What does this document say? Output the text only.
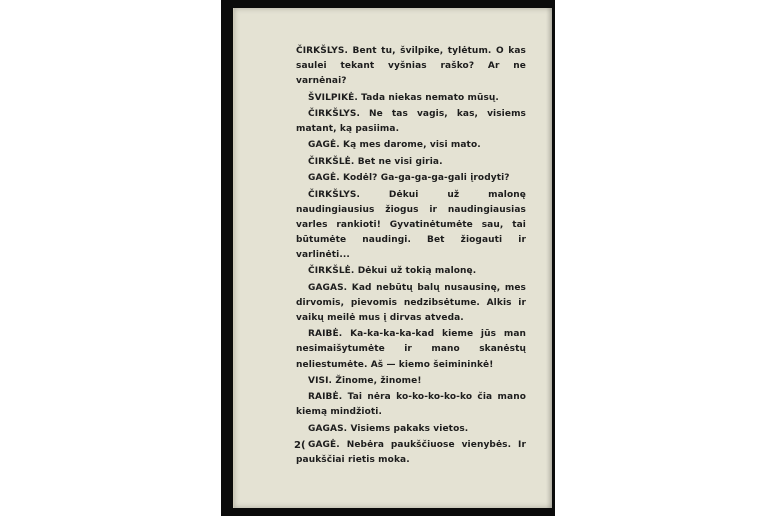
ČIRKŠLYS. Bent tu, švilpike, tylėtum. O kas saulei tekant vyšnias raško? Ar ne varnėnai?

ŠVILPIKĖ. Tada niekas nemato mūsų.

ČIRKŠLYS. Ne tas vagis, kas, visiems matant, ką pasiima.

GAGĖ. Ką mes darome, visi mato.

ČIRKŠLĖ. Bet ne visi giria.

GAGĖ. Kodėl? Ga-ga-ga-ga-gali įrodyti?

ČIRKŠLYS.	Dėkui už malonę naudingiausius žiogus ir naudingiausias varles rankioti! Gyvatinėtumėte sau, tai būtumėte naudingi. Bet žiogauti ir varlinėti...

ČIRKŠLĖ. Dėkui už tokią malonę.

GAGAS. Kad nebūtų balų nusausinę, mes dirvomis, pievomis nedzibsėtume. Alkis ir vaikų meilė mus į dirvas atveda.

RAIBĖ. Ka-ka-ka-ka-kad kieme jūs man nesimaišytumėte ir mano skanėstų neliestumėte. Aš — kiemo šeimininkė!

VISI. Žinome, žinome!

RAIBĖ. Tai nėra ko-ko-ko-ko-ko čia mano kiemą mindžioti.

GAGAS. Visiems pakaks vietos.

GAGĖ. Nebėra paukščiuose vienybės. Ir paukščiai rietis moka.

2(
